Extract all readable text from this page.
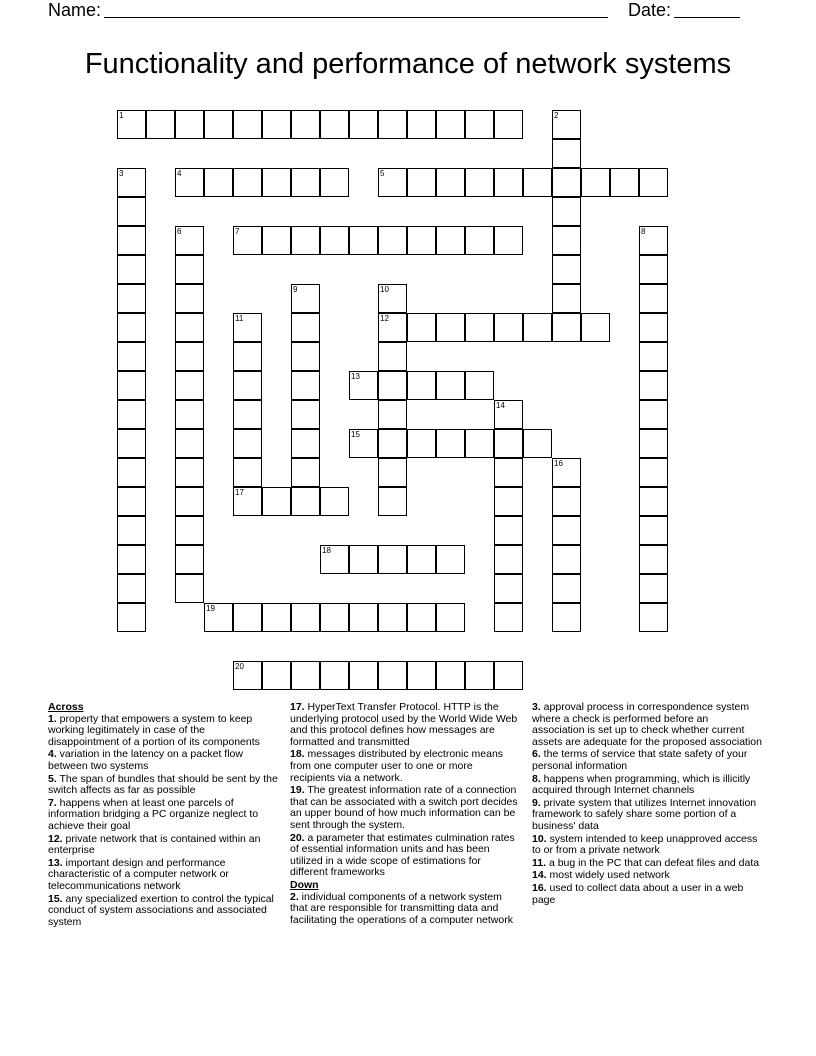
Name:	Date:
Functionality and performance of network systems
1	2
3	4	5
6	7	8
9	10
12
11
13
14
15
16
17
18
19
20
Across
1. property that empowers a system to keep working legitimately in case of the disappointment of a portion of its components
4. variation in the latency on a packet flow between two systems
5. The span of bundles that should be sent by the switch affects as far as possible
7. happens when at least one parcels of information bridging a PC organize neglect to achieve their goal
12. private network that is contained within an enterprise
13. important design and performance characteristic of a computer network or telecommunications network
15. any specialized exertion to control the typical conduct of system associations and associated system
17. HyperText Transfer Protocol. HTTP is the underlying protocol used by the World Wide Web and this protocol defines how messages are formatted and transmitted
18. messages distributed by electronic means from one computer user to one or more recipients via a network.
19. The greatest information rate of a connection that can be associated with a switch port decides an upper bound of how much information can be sent through the system.
20. a parameter that estimates culmination rates of essential information units and has been utilized in a wide scope of estimations for different frameworks
Down
2. individual components of a network system that are responsible for transmitting data and facilitating the operations of a computer network
3. approval process in correspondence system where a check is performed before an association is set up to check whether current assets are adequate for the proposed association
6. the terms of service that state safety of your personal information
8. happens when programming, which is illicitly acquired through Internet channels
9. private system that utilizes Internet innovation framework to safely share some portion of a business' data
10. system intended to keep unapproved access to or from a private network
11. a bug in the PC that can defeat files and data
14. most widely used network
16. used to collect data about a user in a web page
